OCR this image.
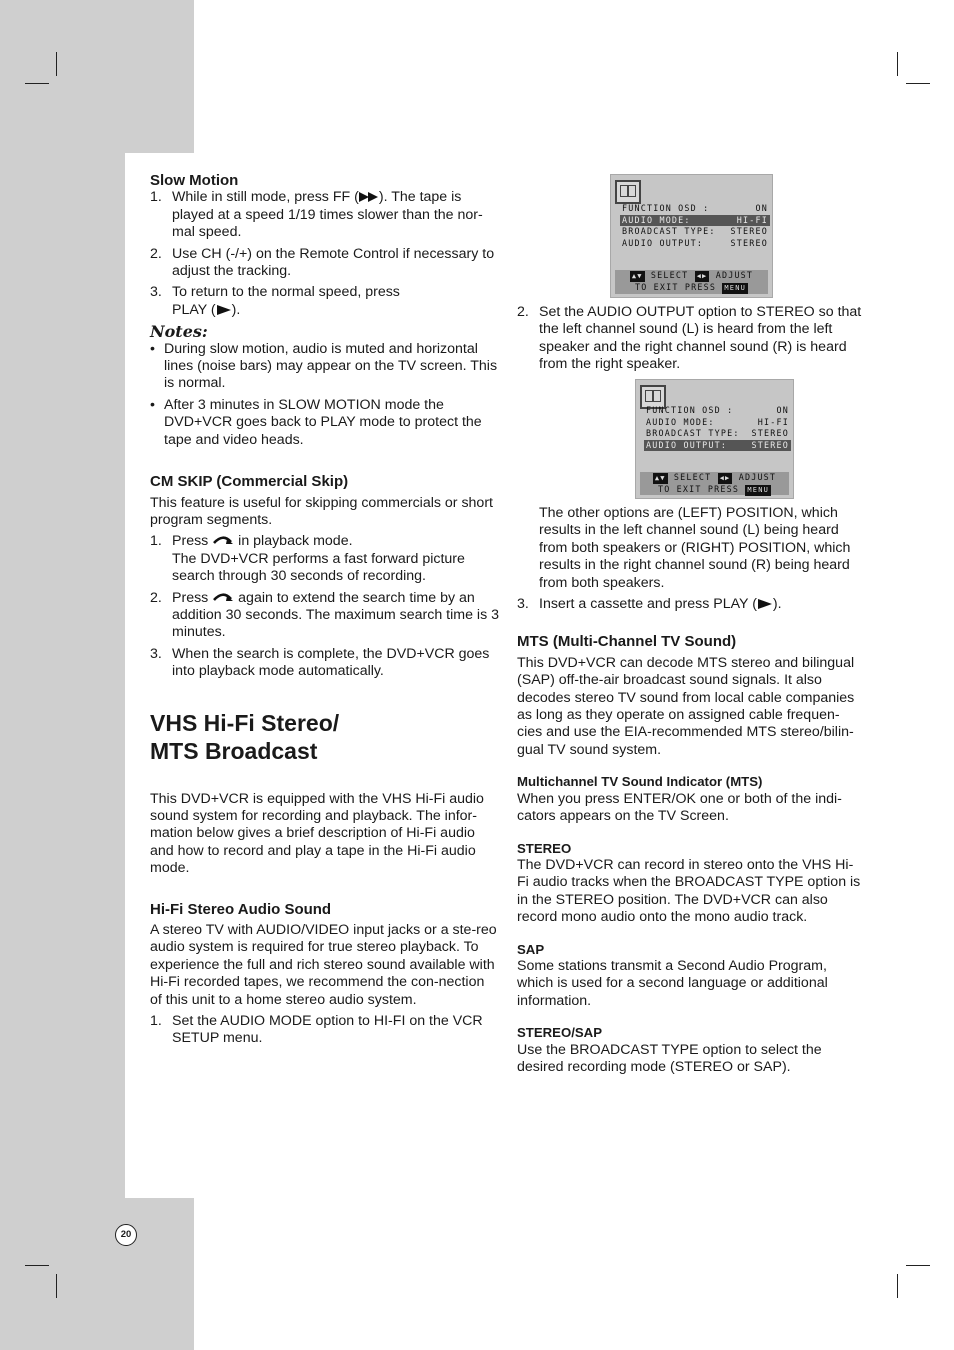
Slow Motion

1. While in still mode, press FF ( ). The tape is played at a speed 1/19 times slower than the nor-mal speed.
2. Use CH (-/+) on the Remote Control if necessary to adjust the tracking.
3. To return to the normal speed, press PLAY ( ).

Notes:

• During slow motion, audio is muted and horizontal lines (noise bars) may appear on the TV screen. This is normal.
• After 3 minutes in SLOW MOTION mode the DVD+VCR goes back to PLAY mode to protect the tape and video heads.

CM SKIP (Commercial Skip)

This feature is useful for skipping commercials or short program segments.

1. Press in playback mode.
The DVD+VCR performs a fast forward picture search through 30 seconds of recording.
2. Press again to extend the search time by an addition 30 seconds. The maximum search time is 3 minutes.
3. When the search is complete, the DVD+VCR goes into playback mode automatically.

VHS Hi-Fi Stereo/

MTS Broadcast

This DVD+VCR is equipped with the VHS Hi-Fi audio sound system for recording and playback. The infor-mation below gives a brief description of Hi-Fi audio and how to record and play a tape in the Hi-Fi audio mode.

Hi-Fi Stereo Audio Sound

A stereo TV with AUDIO/VIDEO input jacks or a ste-reo audio system is required for true stereo playback. To experience the full and rich stereo sound available with Hi-Fi recorded tapes, we recommend the con-nection of this unit to a home stereo audio system.

1. Set the AUDIO MODE option to HI-FI on the VCR SETUP menu.
FUNCTION OSD :	ON
AUDIO MODE:	HI-FI
BROADCAST TYPE: STEREO
AUDIO OUTPUT:	STEREO
▲▼ SELECT ◀▶ ADJUST
TO EXIT PRESS MENU
FUNCTION OSD :	ON
AUDIO MODE:	HI-FI
BROADCAST TYPE: STEREO
AUDIO OUTPUT:	STEREO
▲▼ SELECT ◀▶ ADJUST
TO EXIT PRESS MENU
2. Set the AUDIO OUTPUT option to STEREO so that the left channel sound (L) is heard from the left speaker and the right channel sound (R) is heard from the right speaker.

The other options are (LEFT) POSITION, which results in the left channel sound (L) being heard from both speakers or (RIGHT) POSITION, which results in the right channel sound (R) being heard from both speakers.

3. Insert a cassette and press PLAY ( ).

MTS (Multi-Channel TV Sound)

This DVD+VCR can decode MTS stereo and bilingual (SAP) off-the-air broadcast sound signals. It also decodes stereo TV sound from local cable companies as long as they operate on assigned cable frequen-cies and use the EIA-recommended MTS stereo/bilin-gual TV sound system.

Multichannel TV Sound Indicator (MTS)

When you press ENTER/OK one or both of the indi-cators appears on the TV Screen.

STEREO

The DVD+VCR can record in stereo onto the VHS Hi-Fi audio tracks when the BROADCAST TYPE option is in the STEREO position. The DVD+VCR can also record mono audio onto the mono audio track.

SAP

Some stations transmit a Second Audio Program, which is used for a second language or additional information.

STEREO/SAP

Use the BROADCAST TYPE option to select the desired recording mode (STEREO or SAP).

20
